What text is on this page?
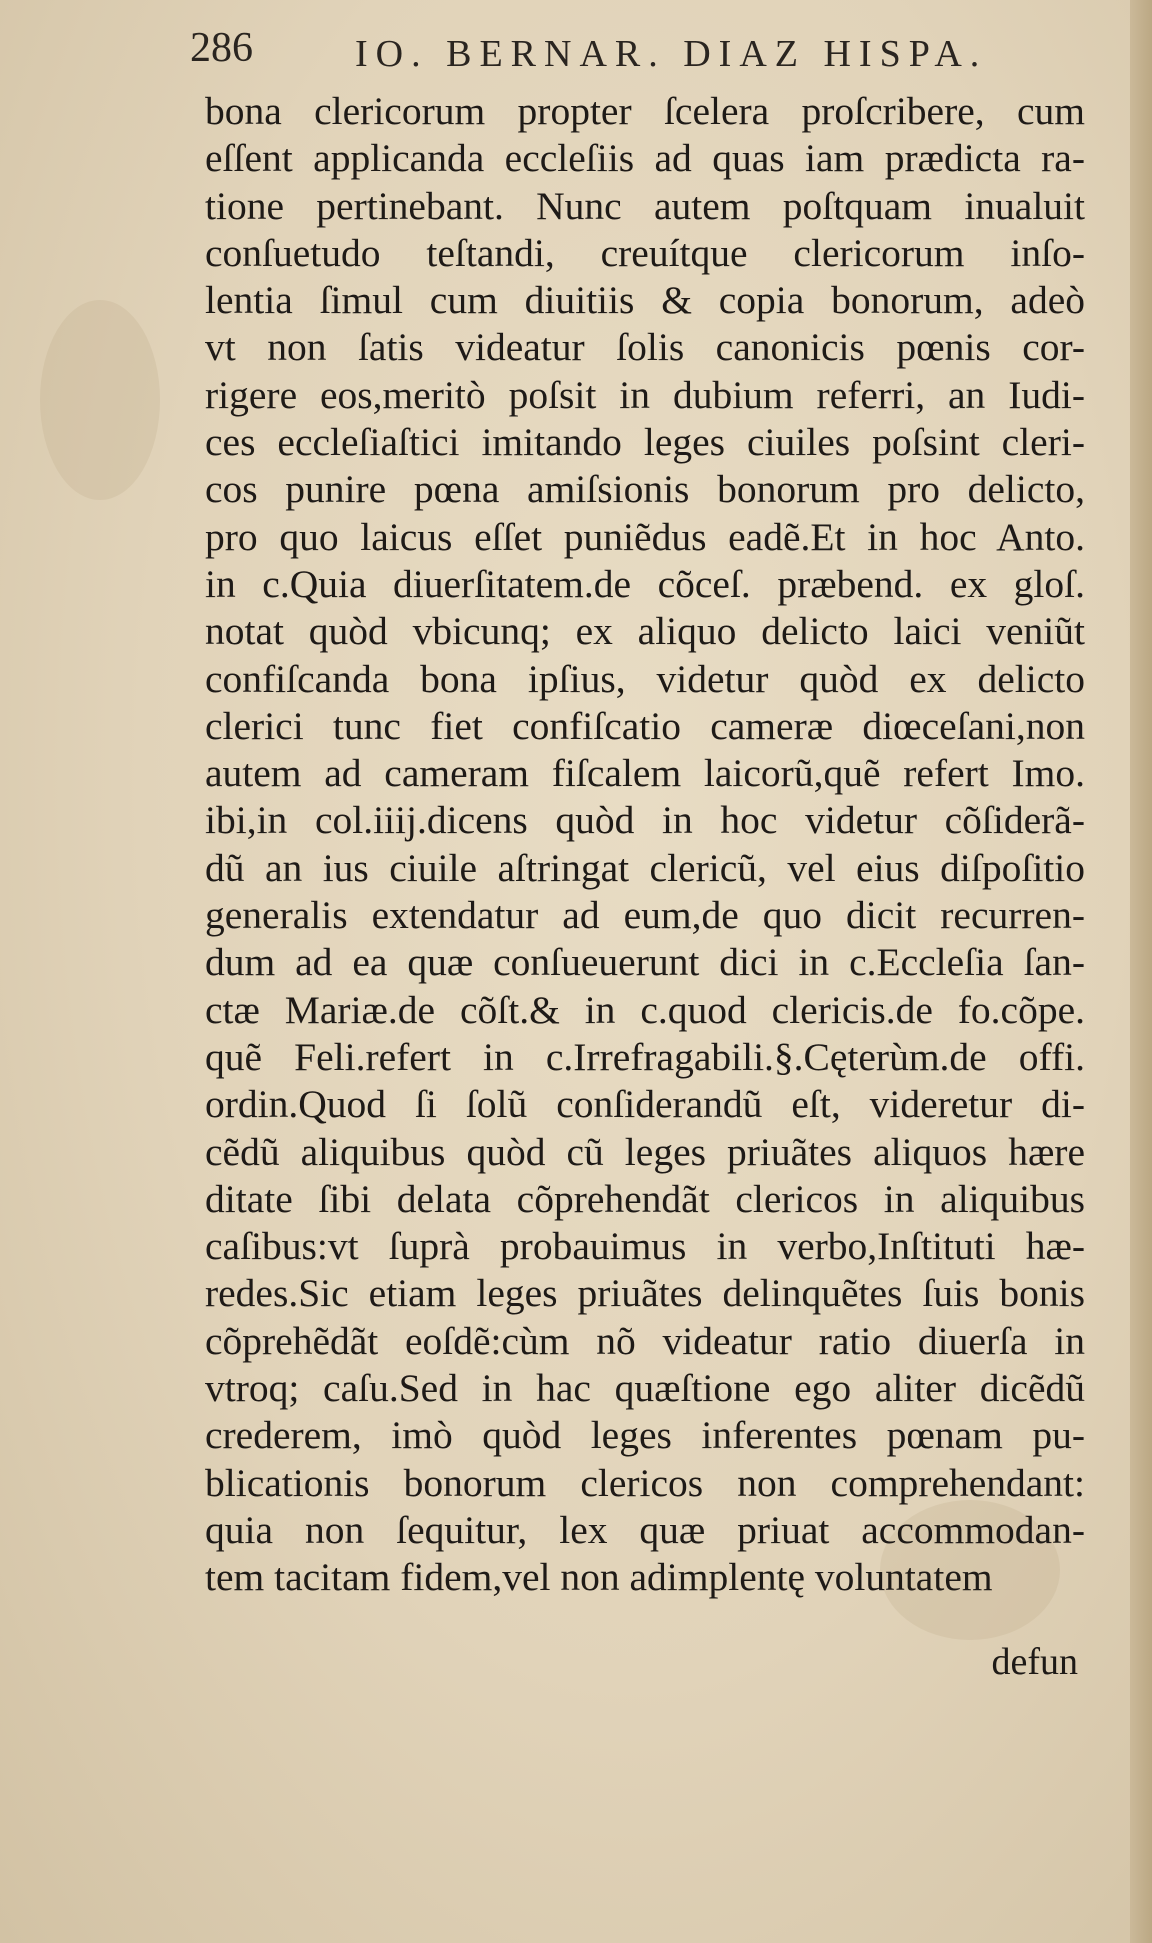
286	IO. BERNAR. DIAZ HISPA.
bona clericorum propter ſcelera proſcribere, cum
eſſent applicanda eccleſiis ad quas iam prædicta ra-
tione pertinebant. Nunc autem poſtquam inualuit
conſuetudo teſtandi, creuítque clericorum inſo-
lentia ſimul cum diuitiis & copia bonorum, adeò
vt non ſatis videatur ſolis canonicis pœnis cor-
rigere eos,meritò poſsit in dubium referri, an Iudi-
ces eccleſiaſtici imitando leges ciuiles poſsint cleri-
cos punire pœna amiſsionis bonorum pro delicto,
pro quo laicus eſſet puniẽdus eadẽ.Et in hoc Anto.
in c.Quia diuerſitatem.de cõceſ. præbend. ex gloſ.
notat quòd vbicunq; ex aliquo delicto laici veniũt
confiſcanda bona ipſius, videtur quòd ex delicto
clerici tunc fiet confiſcatio cameræ diœceſani,non
autem ad cameram fiſcalem laicorũ,quẽ refert Imo.
ibi,in col.iiij.dicens quòd in hoc videtur cõſiderã-
dũ an ius ciuile aſtringat clericũ, vel eius diſpoſitio
generalis extendatur ad eum,de quo dicit recurren-
dum ad ea quæ conſueuerunt dici in c.Eccleſia ſan-
ctæ Mariæ.de cõſt.& in c.quod clericis.de fo.cõpe.
quẽ Feli.refert in c.Irrefragabili.§.Cęterùm.de offi.
ordin.Quod ſi ſolũ conſiderandũ eſt, videretur di-
cẽdũ aliquibus quòd cũ leges priuãtes aliquos hære
ditate ſibi delata cõprehendãt clericos in aliquibus
caſibus:vt ſuprà probauimus in verbo,Inſtituti hæ-
redes.Sic etiam leges priuãtes delinquẽtes ſuis bonis
cõprehẽdãt eoſdẽ:cùm nõ videatur ratio diuerſa in
vtroq; caſu.Sed in hac quæſtione ego aliter dicẽdũ
crederem, imò quòd leges inferentes pœnam pu-
blicationis bonorum clericos non comprehendant:
quia non ſequitur, lex quæ priuat accommodan-
tem tacitam fidem,vel non adimplentę voluntatem
defun
